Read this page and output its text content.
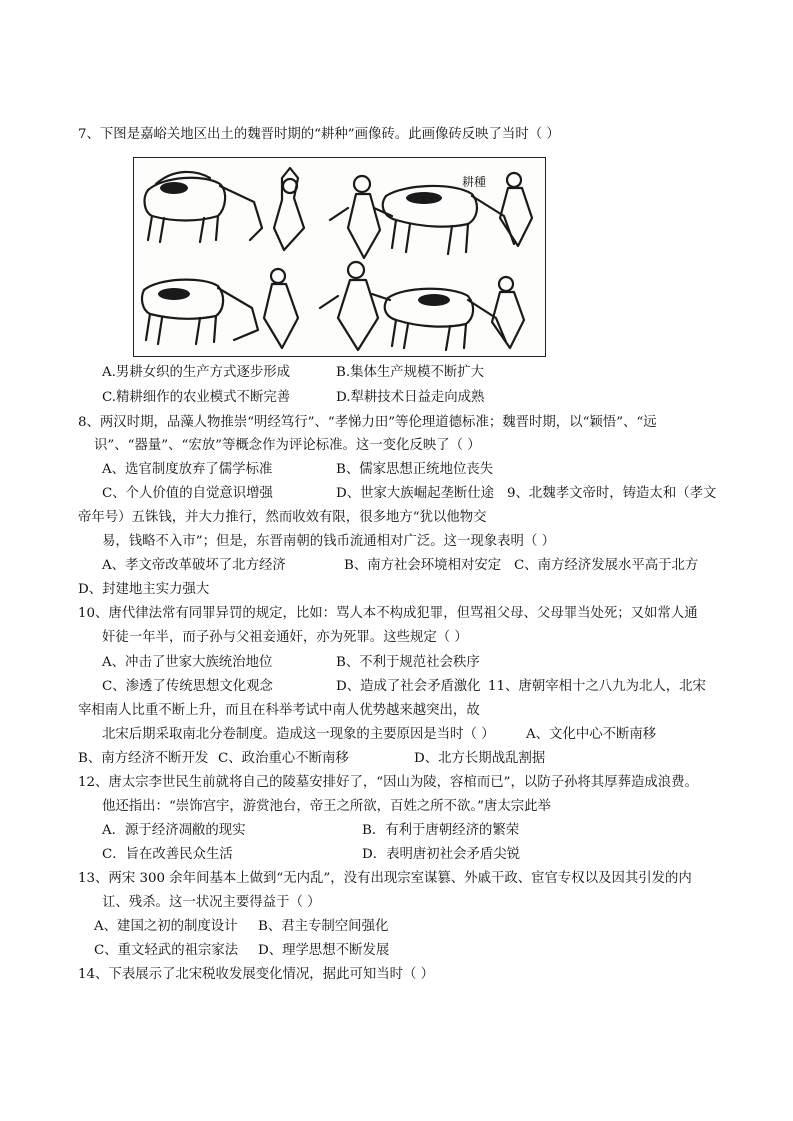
7、下图是嘉峪关地区出土的魏晋时期的“耕种”画像砖。此画像砖反映了当时（ ）
耕種
A.男耕女织的生产方式逐步形成	B.集体生产规模不断扩大
C.精耕细作的农业模式不断完善	D.犁耕技术日益走向成熟
8、两汉时期，品藻人物推崇“明经笃行”、“孝悌力田”等伦理道德标准；魏晋时期，以“颖悟”、“远
识”、“器量”、“宏放”等概念作为评论标准。这一变化反映了（ ）
A、选官制度放弃了儒学标准	B、儒家思想正统地位丧失
C、个人价值的自觉意识增强	D、世家大族崛起垄断仕途 9、北魏孝文帝时，铸造太和（孝文
帝年号）五铢钱，并大力推行，然而收效有限，很多地方“犹以他物交
易，钱略不入市”；但是，东晋南朝的钱币流通相对广泛。这一现象表明（ ）
A、孝文帝改革破坏了北方经济	B、南方社会环境相对安定 C、南方经济发展水平高于北方
D、封建地主实力强大
10、唐代律法常有同罪异罚的规定，比如：骂人本不构成犯罪，但骂祖父母、父母罪当处死；又如常人通
奸徒一年半，而子孙与父祖妾通奸，亦为死罪。这些规定（ ）
A、冲击了世家大族统治地位	B、不利于规范社会秩序
C、渗透了传统思想文化观念	D、造成了社会矛盾激化 11、唐朝宰相十之八九为北人，北宋
宰相南人比重不断上升，而且在科举考试中南人优势越来越突出，故
北宋后期采取南北分卷制度。造成这一现象的主要原因是当时（ ） A、文化中心不断南移
B、南方经济不断开发 C、政治重心不断南移	D、北方长期战乱割据
12、唐太宗李世民生前就将自己的陵墓安排好了，“因山为陵，容棺而已”，以防子孙将其厚葬造成浪费。
他还指出：“崇饰宫宇，游赏池台，帝王之所欲，百姓之所不欲。”唐太宗此举
A．源于经济凋敝的现实	B．有利于唐朝经济的繁荣
C．旨在改善民众生活	D．表明唐初社会矛盾尖锐
13、两宋 300 余年间基本上做到“无内乱”，没有出现宗室谋篡、外戚干政、宦官专权以及因其引发的内
讧、残杀。这一状况主要得益于（ ）
A、建国之初的制度设计 B、君主专制空间强化
C、重文轻武的祖宗家法 D、理学思想不断发展
14、下表展示了北宋税收发展变化情况，据此可知当时（ ）
